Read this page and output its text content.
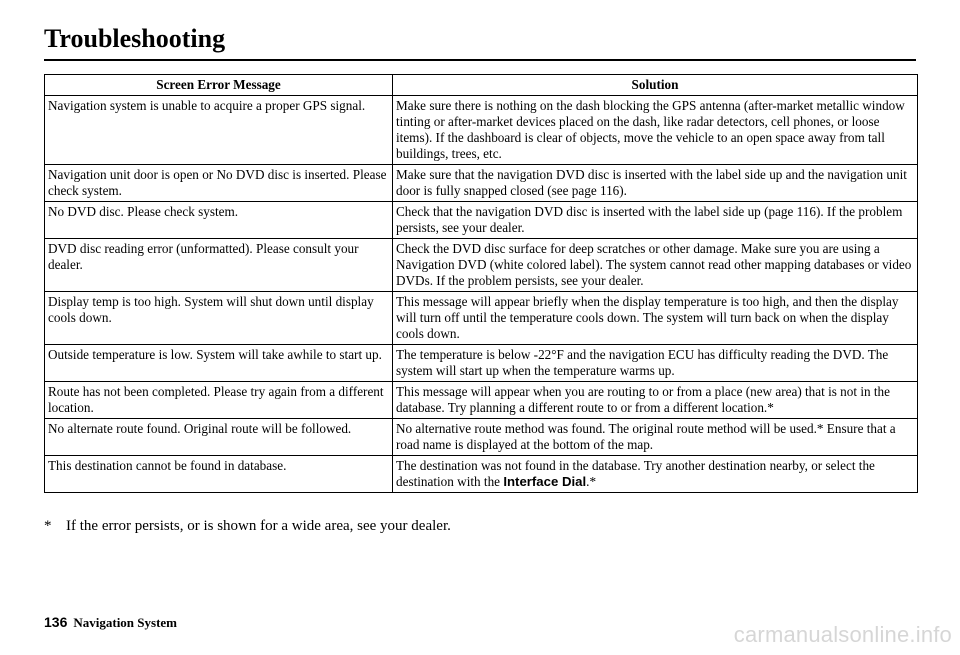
Troubleshooting
Screen Error Message	Solution
Navigation system is unable to acquire a proper GPS signal.	Make sure there is nothing on the dash blocking the GPS antenna (after-market metallic window tinting or after-market devices placed on the dash, like radar detectors, cell phones, or loose items). If the dashboard is clear of objects, move the vehicle to an open space away from tall buildings, trees, etc.
Navigation unit door is open or No DVD disc is inserted. Please check system.	Make sure that the navigation DVD disc is inserted with the label side up and the navigation unit door is fully snapped closed (see page 116).
No DVD disc. Please check system.	Check that the navigation DVD disc is inserted with the label side up (page 116). If the problem persists, see your dealer.
DVD disc reading error (unformatted). Please consult your dealer.	Check the DVD disc surface for deep scratches or other damage. Make sure you are using a Navigation DVD (white colored label). The system cannot read other mapping databases or video DVDs. If the problem persists, see your dealer.
Display temp is too high. System will shut down until display cools down.	This message will appear briefly when the display temperature is too high, and then the display will turn off until the temperature cools down. The system will turn back on when the display cools down.
Outside temperature is low. System will take awhile to start up.	The temperature is below -22°F and the navigation ECU has difficulty reading the DVD. The system will start up when the temperature warms up.
Route has not been completed. Please try again from a different location.	This message will appear when you are routing to or from a place (new area) that is not in the database. Try planning a different route to or from a different location.*
No alternate route found. Original route will be followed.	No alternative route method was found. The original route method will be used.* Ensure that a road name is displayed at the bottom of the map.
This destination cannot be found in database.	The destination was not found in the database. Try another destination nearby, or select the destination with the Interface Dial.*

* If the error persists, or is shown for a wide area, see your dealer.

136 Navigation System	carmanualsonline.info
